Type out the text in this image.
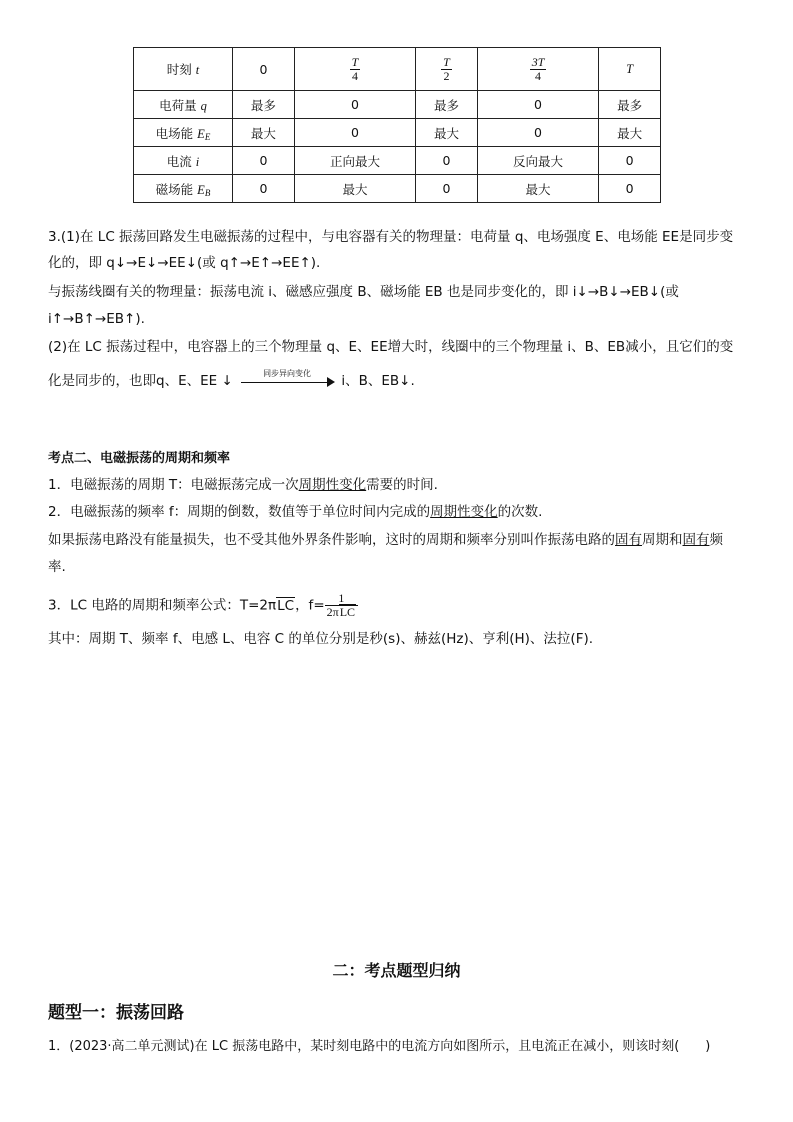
时刻 t	0	$\frac{T}{4}$	$\frac{T}{2}$	$\frac{3T}{4}$	T
电荷量 q	最多	0	最多	0	最多
电场能 $E_E$	最大	0	最大	0	最大
电流 i	0	正向最大	0	反向最大	0
磁场能 $E_B$	0	最大	0	最大	0
3.(1)在 LC 振荡回路发生电磁振荡的过程中，与电容器有关的物理量：电荷量 q、电场强度 E、电场能 EE是同步变
化的，即 q↓→E↓→EE↓(或 q↑→E↑→EE↑).
与振荡线圈有关的物理量：振荡电流 i、磁感应强度 B、磁场能 EB 也是同步变化的，即 i↓→B↓→EB↓(或
i↑→B↑→EB↑).
(2)在 LC 振荡过程中，电容器上的三个物理量 q、E、EE增大时，线圈中的三个物理量 i、B、EB减小，且它们的变
化是同步的，也即q、E、EE ↓	同步异向变化	i、B、EB↓.
考点二、电磁振荡的周期和频率
1．电磁振荡的周期 T：电磁振荡完成一次周期性变化需要的时间.
2．电磁振荡的频率 f：周期的倒数，数值等于单位时间内完成的周期性变化的次数.
如果振荡电路没有能量损失，也不受其他外界条件影响，这时的周期和频率分别叫作振荡电路的固有周期和固有频
率.
3．LC 电路的周期和频率公式：T=2πLC，$f= \frac{1}{\text{2πLC}}$
其中：周期 T、频率 f、电感 L、电容 C 的单位分别是秒(s)、赫兹(Hz)、亨利(H)、法拉(F).
二：考点题型归纳
题型一：振荡回路
1．(2023·高二单元测试)在 LC 振荡电路中，某时刻电路中的电流方向如图所示，且电流正在减小，则该时刻(　　)
